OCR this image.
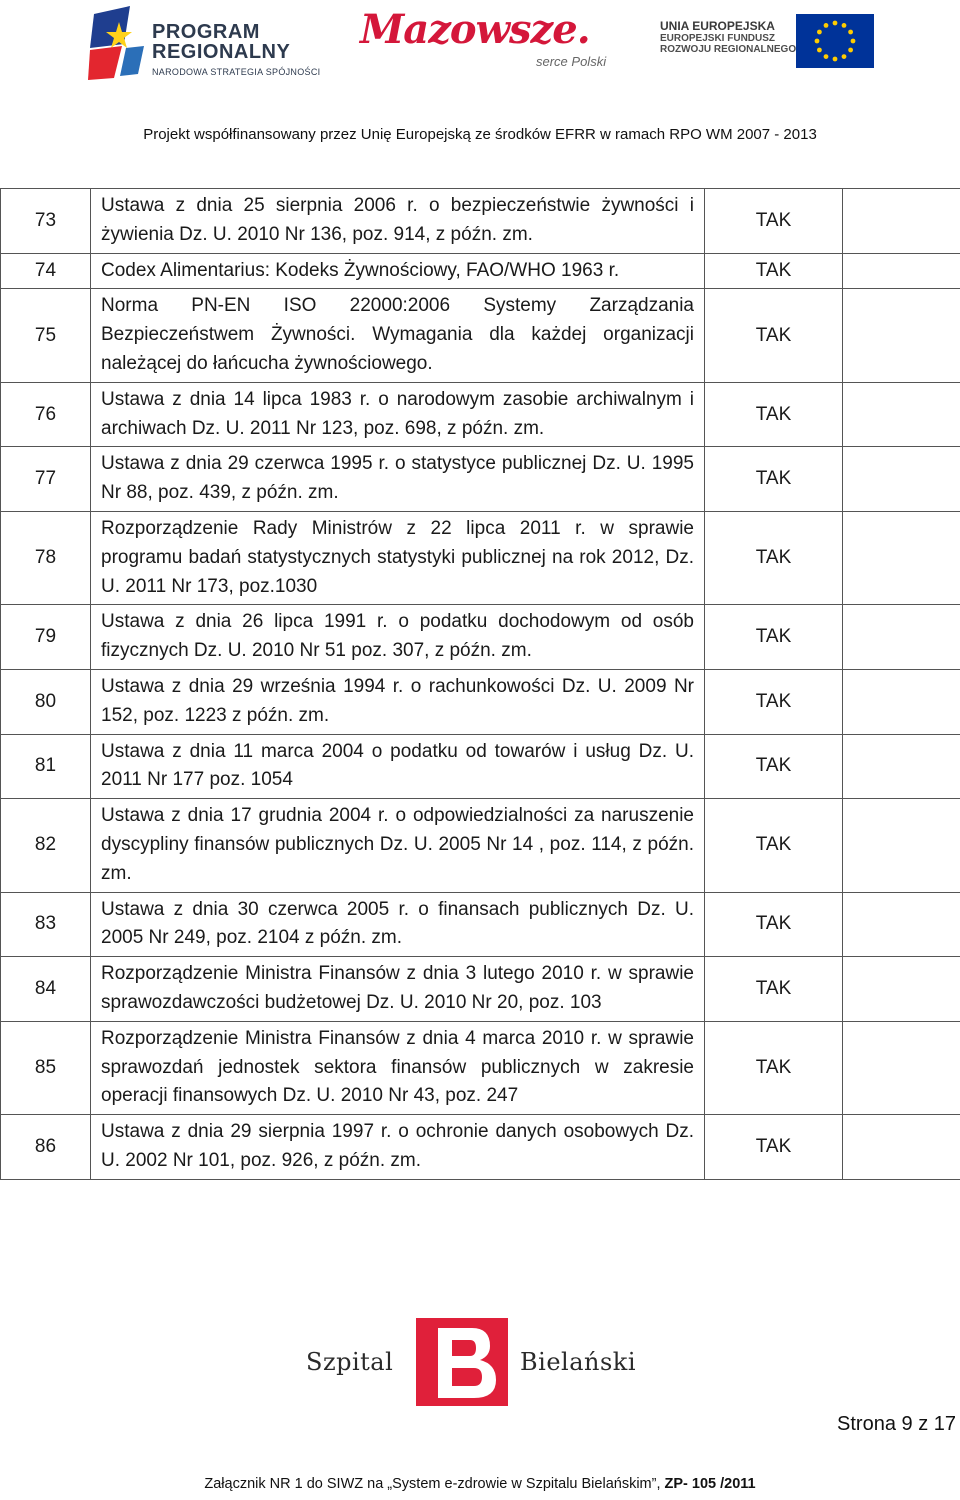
PROGRAM
REGIONALNY
NARODOWA STRATEGIA SPÓJNOŚCI
Mazowsze.
serce Polski
UNIA EUROPEJSKA
EUROPEJSKI FUNDUSZ
ROZWOJU REGIONALNEGO
Projekt współfinansowany przez Unię Europejską ze środków EFRR w ramach RPO WM 2007 - 2013
73	Ustawa z dnia 25 sierpnia 2006 r. o bezpieczeństwie żywności i żywienia Dz. U. 2010 Nr 136, poz. 914, z późn. zm.	TAK	
74	Codex Alimentarius: Kodeks Żywnościowy, FAO/WHO 1963 r.	TAK	
75	Norma PN-EN ISO 22000:2006 Systemy Zarządzania Bezpieczeństwem Żywności. Wymagania dla każdej organizacji należącej do łańcucha żywnościowego.	TAK	
76	Ustawa z dnia 14 lipca 1983 r. o narodowym zasobie archiwalnym i archiwach Dz. U. 2011 Nr 123, poz. 698, z późn. zm.	TAK	
77	Ustawa z dnia 29 czerwca 1995 r. o statystyce publicznej Dz. U. 1995 Nr 88, poz. 439, z późn. zm.	TAK	
78	Rozporządzenie Rady Ministrów z 22 lipca 2011 r. w sprawie programu badań statystycznych statystyki publicznej na rok 2012, Dz. U. 2011 Nr 173, poz.1030	TAK	
79	Ustawa z dnia 26 lipca 1991 r. o podatku dochodowym od osób fizycznych Dz. U. 2010 Nr 51 poz. 307, z późn. zm.	TAK	
80	Ustawa z dnia 29 września 1994 r. o rachunkowości Dz. U. 2009 Nr 152, poz. 1223 z późn. zm.	TAK	
81	Ustawa z dnia 11 marca 2004 o podatku od towarów i usług Dz. U. 2011 Nr 177 poz. 1054	TAK	
82	Ustawa z dnia 17 grudnia 2004 r. o odpowiedzialności za naruszenie dyscypliny finansów publicznych Dz. U. 2005 Nr 14 , poz. 114, z późn. zm.	TAK	
83	Ustawa z dnia 30 czerwca 2005 r. o finansach publicznych Dz. U. 2005 Nr 249, poz. 2104 z późn. zm.	TAK	
84	Rozporządzenie Ministra Finansów z dnia 3 lutego 2010 r. w sprawie sprawozdawczości budżetowej Dz. U. 2010 Nr 20, poz. 103	TAK	
85	Rozporządzenie Ministra Finansów z dnia 4 marca 2010 r. w sprawie sprawozdań jednostek sektora finansów publicznych w zakresie operacji finansowych Dz. U. 2010 Nr 43, poz. 247	TAK	
86	Ustawa z dnia 29 sierpnia 1997 r. o ochronie danych osobowych Dz. U. 2002 Nr 101, poz. 926, z późn. zm.	TAK	
Szpital	Bielański
Strona 9 z 17
Załącznik NR 1 do SIWZ na „System e-zdrowie w Szpitalu Bielańskim”, ZP- 105 /2011
